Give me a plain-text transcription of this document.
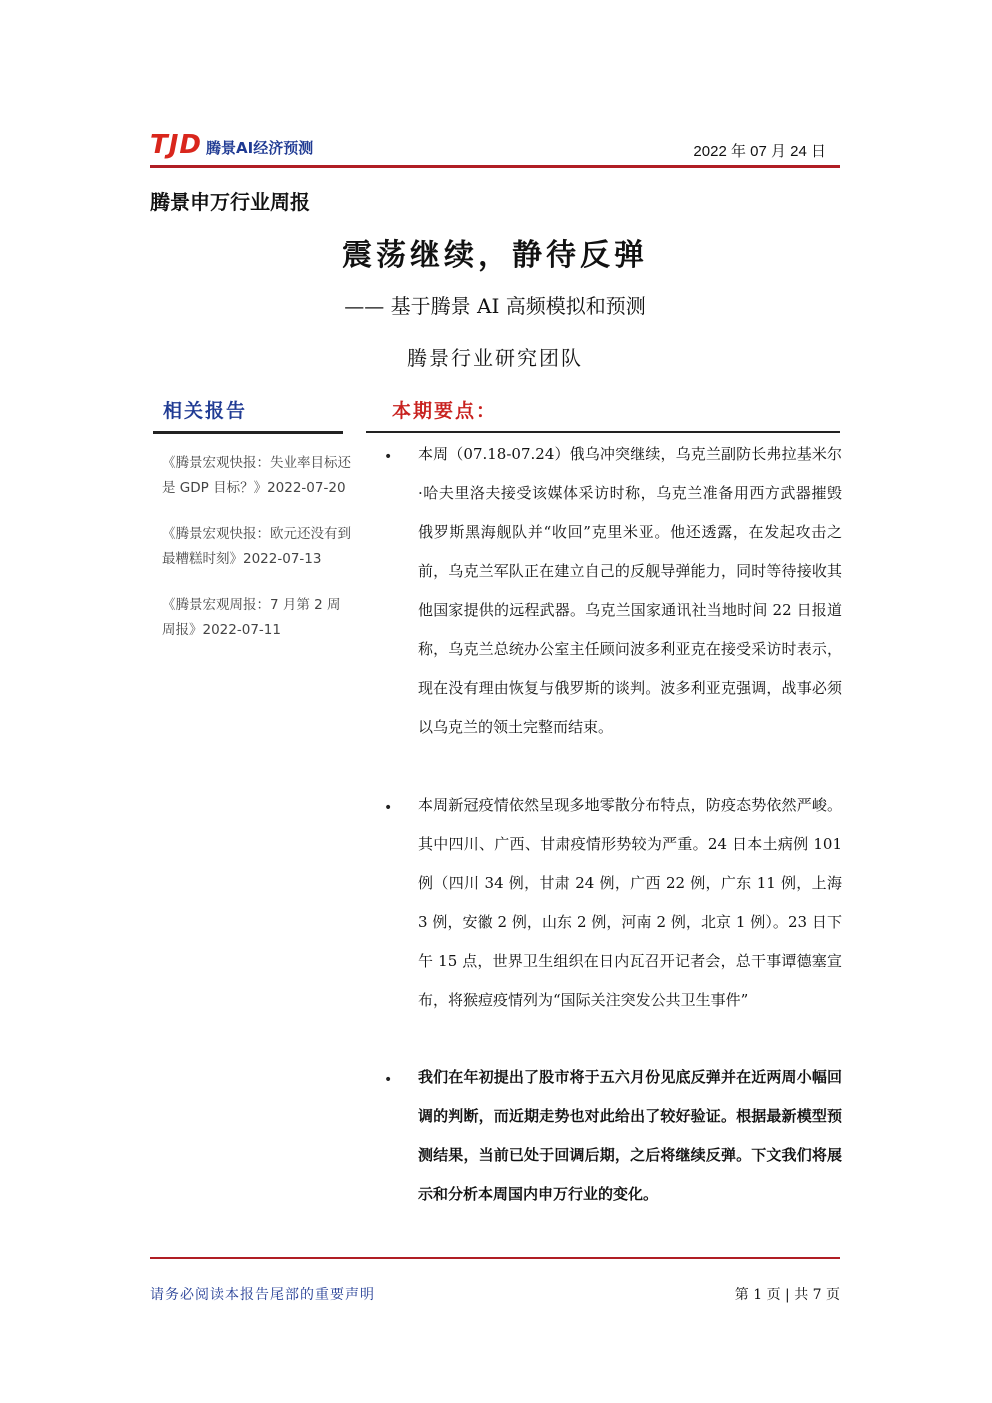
TJD 腾景AI经济预测	2022 年 07 月 24 日
腾景申万行业周报
震荡继续，静待反弹
—— 基于腾景 AI 高频模拟和预测
腾景行业研究团队
相关报告
《腾景宏观快报：失业率目标还是 GDP 目标？》2022-07-20
《腾景宏观快报：欧元还没有到最糟糕时刻》2022-07-13
《腾景宏观周报：7 月第 2 周周报》2022-07-11
本期要点：
• 本周（07.18-07.24）俄乌冲突继续，乌克兰副防长弗拉基米尔·哈夫里洛夫接受该媒体采访时称，乌克兰准备用西方武器摧毁俄罗斯黑海舰队并“收回”克里米亚。他还透露，在发起攻击之前，乌克兰军队正在建立自己的反舰导弹能力，同时等待接收其他国家提供的远程武器。乌克兰国家通讯社当地时间 22 日报道称，乌克兰总统办公室主任顾问波多利亚克在接受采访时表示，现在没有理由恢复与俄罗斯的谈判。波多利亚克强调，战事必须以乌克兰的领土完整而结束。
• 本周新冠疫情依然呈现多地零散分布特点，防疫态势依然严峻。其中四川、广西、甘肃疫情形势较为严重。24 日本土病例 101 例（四川 34 例，甘肃 24 例，广西 22 例，广东 11 例，上海 3 例，安徽 2 例，山东 2 例，河南 2 例，北京 1 例）。23 日下午 15 点，世界卫生组织在日内瓦召开记者会，总干事谭德塞宣布，将猴痘疫情列为“国际关注突发公共卫生事件”
• 我们在年初提出了股市将于五六月份见底反弹并在近两周小幅回调的判断，而近期走势也对此给出了较好验证。根据最新模型预测结果，当前已处于回调后期，之后将继续反弹。下文我们将展示和分析本周国内申万行业的变化。
请务必阅读本报告尾部的重要声明	第 1 页 | 共 7 页
